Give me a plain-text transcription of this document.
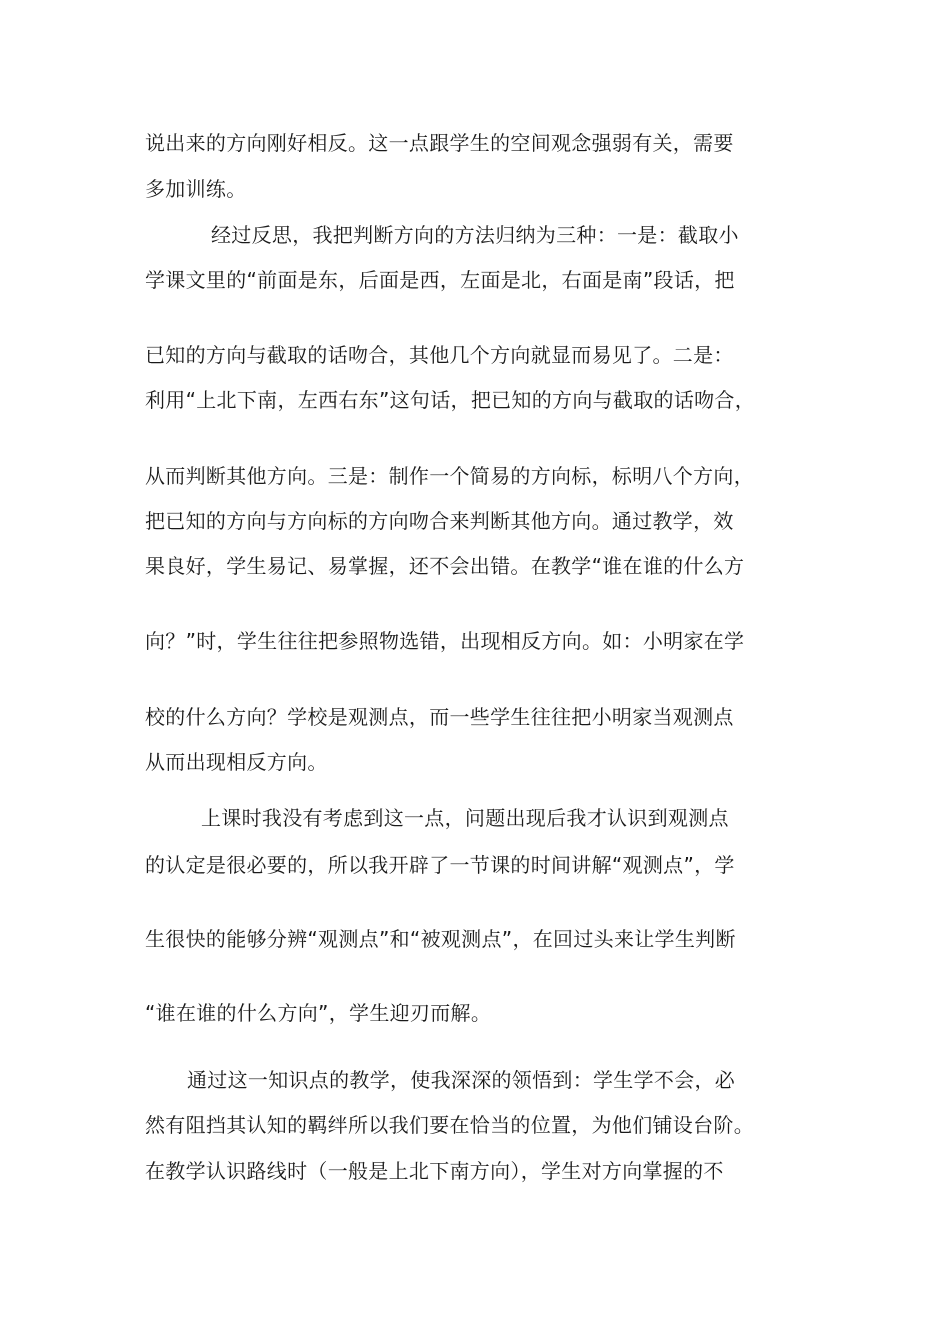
说出来的方向刚好相反。这一点跟学生的空间观念强弱有关，需要
多加训练。
经过反思，我把判断方向的方法归纳为三种：一是：截取小
学课文里的“前面是东，后面是西，左面是北，右面是南”段话，把
已知的方向与截取的话吻合，其他几个方向就显而易见了。二是：
利用“上北下南，左西右东”这句话，把已知的方向与截取的话吻合，
从而判断其他方向。三是：制作一个简易的方向标，标明八个方向，
把已知的方向与方向标的方向吻合来判断其他方向。通过教学，效
果良好，学生易记、易掌握，还不会出错。在教学“谁在谁的什么方
向？”时，学生往往把参照物选错，出现相反方向。如：小明家在学
校的什么方向？学校是观测点，而一些学生往往把小明家当观测点
从而出现相反方向。
上课时我没有考虑到这一点，问题出现后我才认识到观测点
的认定是很必要的，所以我开辟了一节课的时间讲解“观测点”，学
生很快的能够分辨“观测点”和“被观测点”，在回过头来让学生判断
“谁在谁的什么方向”，学生迎刃而解。
通过这一知识点的教学，使我深深的领悟到：学生学不会，必
然有阻挡其认知的羁绊所以我们要在恰当的位置，为他们铺设台阶。
在教学认识路线时（一般是上北下南方向），学生对方向掌握的不
